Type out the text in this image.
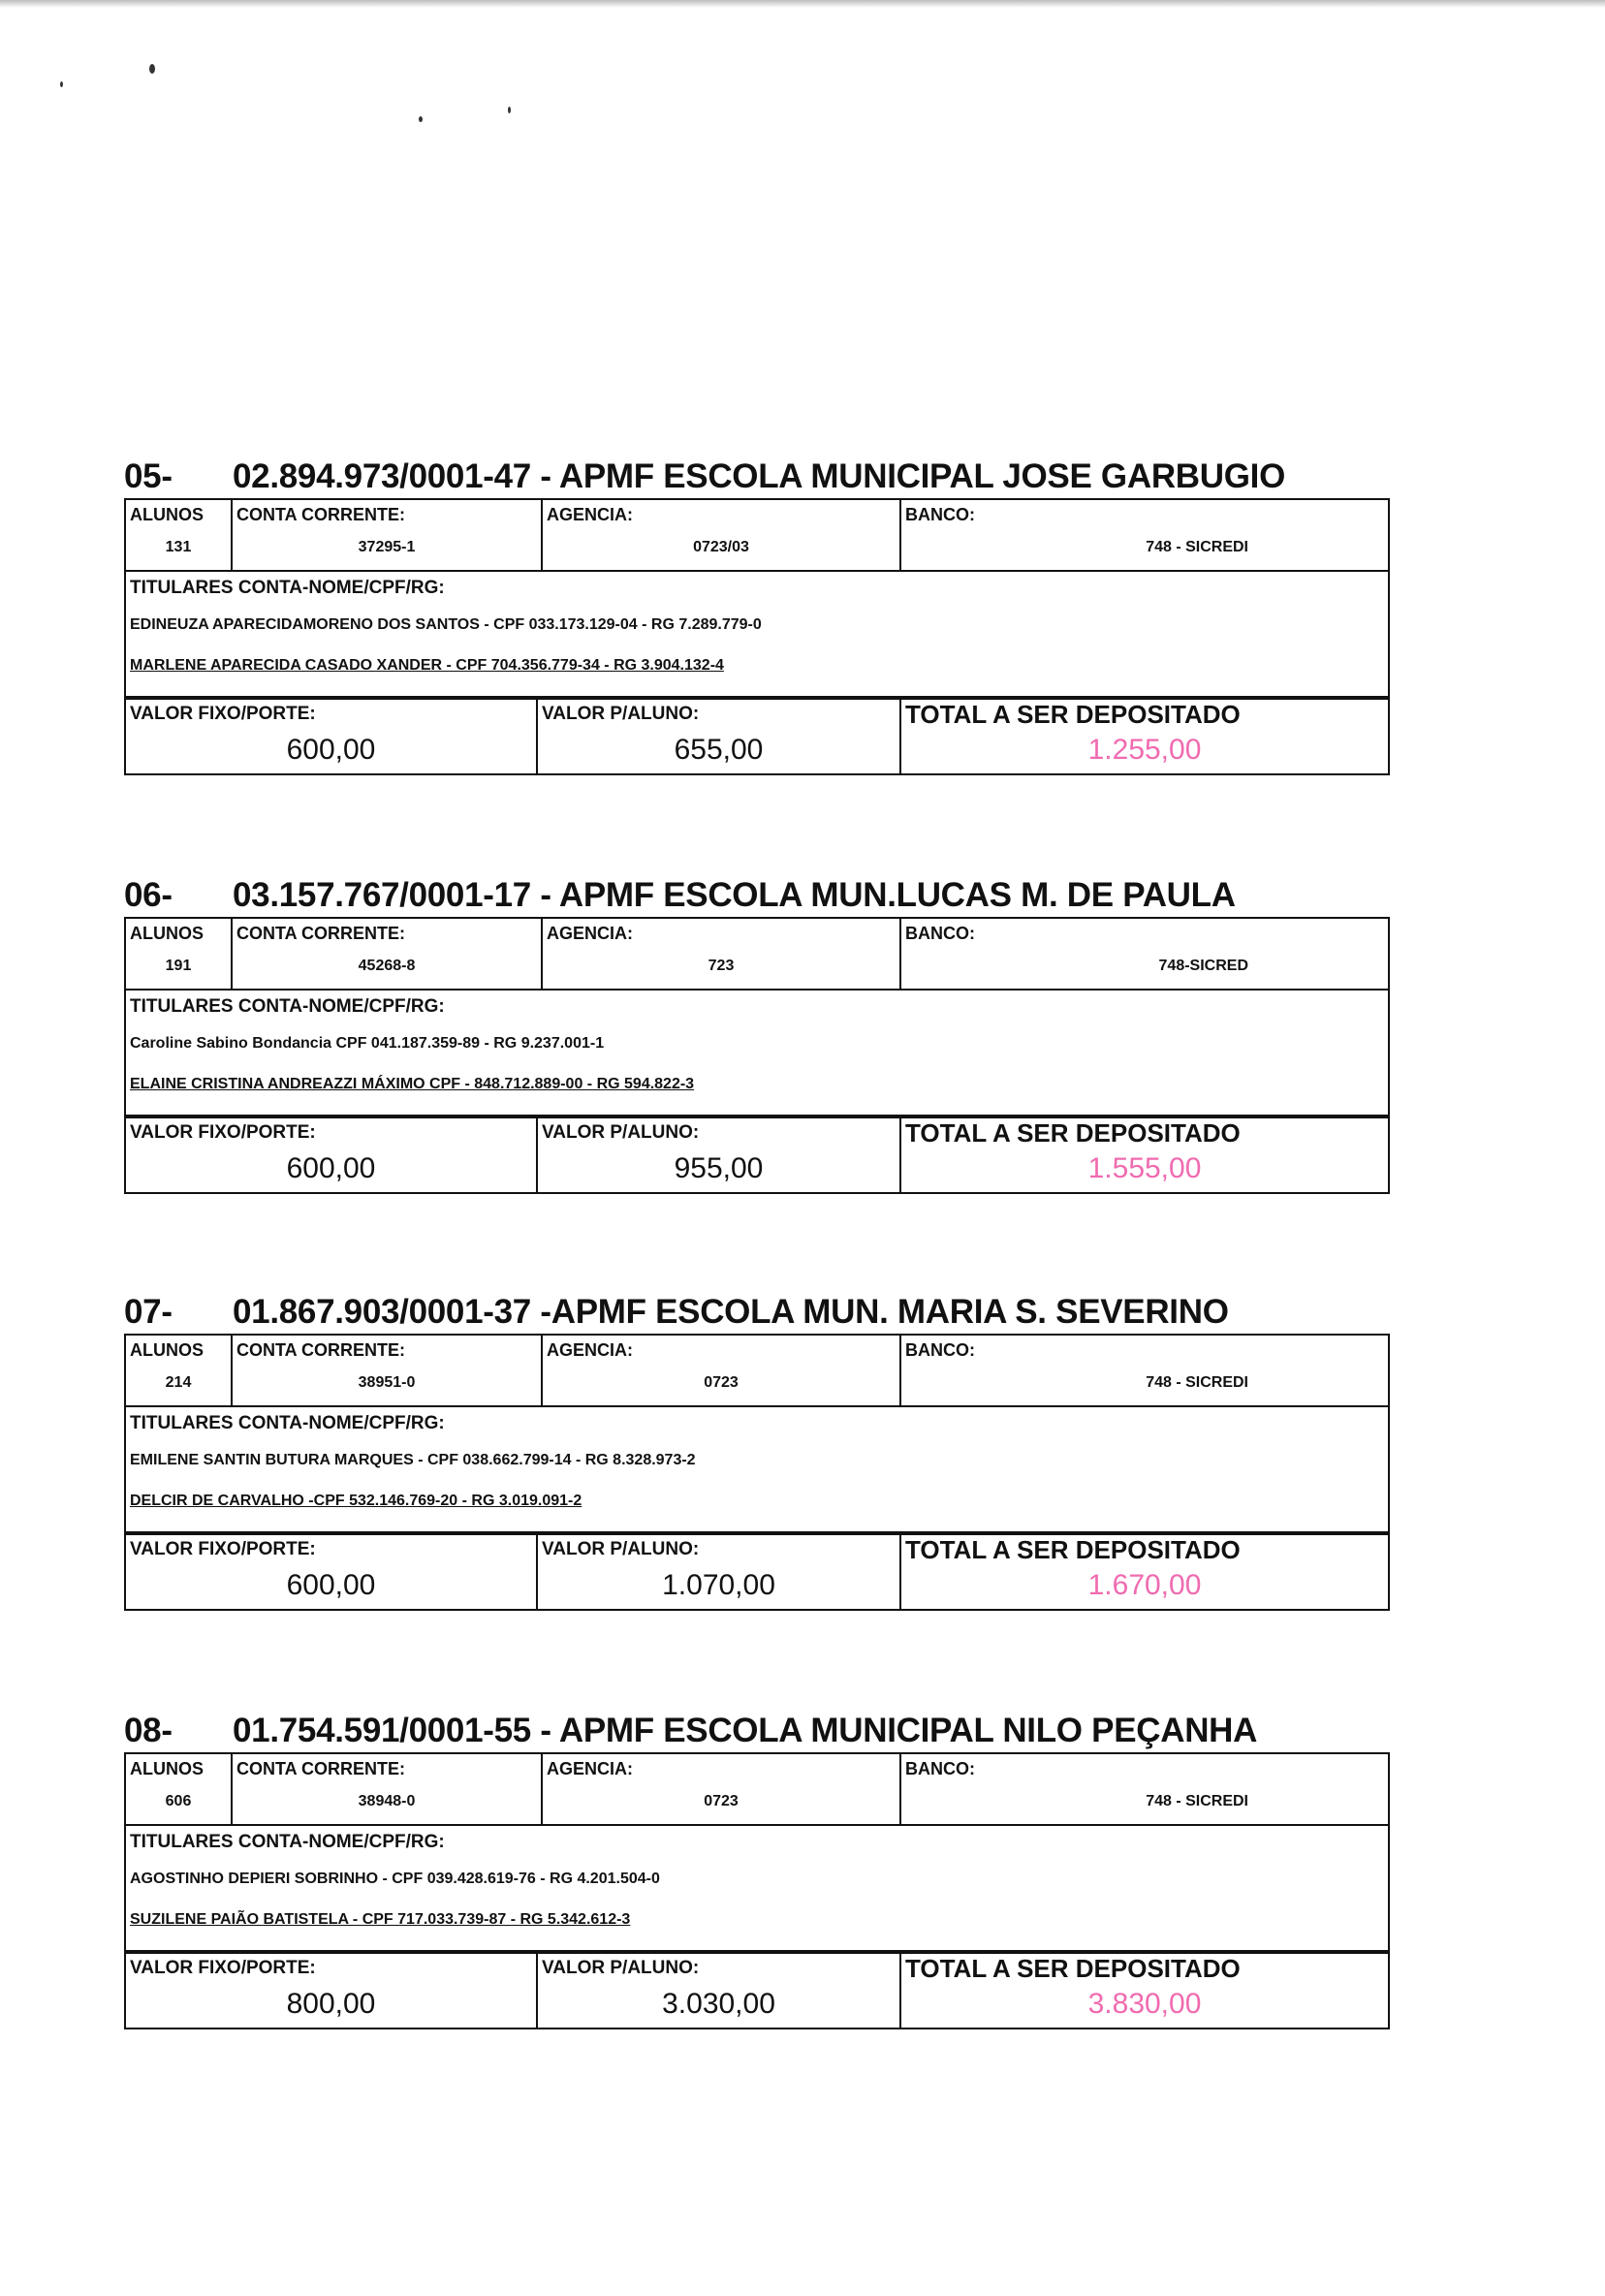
05- 02.894.973/0001-47 - APMF ESCOLA MUNICIPAL JOSE GARBUGIO
ALUNOS
131

CONTA CORRENTE:
37295-1

AGENCIA:
0723/03

BANCO:
748 - SICREDI

TITULARES CONTA-NOME/CPF/RG:
EDINEUZA APARECIDAMORENO DOS SANTOS - CPF 033.173.129-04 - RG 7.289.779-0
MARLENE APARECIDA CASADO XANDER - CPF 704.356.779-34 - RG 3.904.132-4
VALOR FIXO/PORTE:
600,00

VALOR P/ALUNO:
655,00

TOTAL A SER DEPOSITADO
1.255,00
06- 03.157.767/0001-17 - APMF ESCOLA MUN.LUCAS M. DE PAULA
ALUNOS
191

CONTA CORRENTE:
45268-8

AGENCIA:
723

BANCO:
748-SICRED

TITULARES CONTA-NOME/CPF/RG:
Caroline Sabino Bondancia CPF 041.187.359-89 - RG 9.237.001-1
ELAINE CRISTINA ANDREAZZI MÁXIMO CPF - 848.712.889-00 - RG 594.822-3
VALOR FIXO/PORTE:
600,00

VALOR P/ALUNO:
955,00

TOTAL A SER DEPOSITADO
1.555,00
07- 01.867.903/0001-37 -APMF ESCOLA MUN. MARIA S. SEVERINO
ALUNOS
214

CONTA CORRENTE:
38951-0

AGENCIA:
0723

BANCO:
748 - SICREDI

TITULARES CONTA-NOME/CPF/RG:
EMILENE SANTIN BUTURA MARQUES - CPF 038.662.799-14 - RG 8.328.973-2
DELCIR DE CARVALHO -CPF 532.146.769-20 - RG 3.019.091-2
VALOR FIXO/PORTE:
600,00

VALOR P/ALUNO:
1.070,00

TOTAL A SER DEPOSITADO
1.670,00
08- 01.754.591/0001-55 - APMF ESCOLA MUNICIPAL NILO PEÇANHA
ALUNOS
606

CONTA CORRENTE:
38948-0

AGENCIA:
0723

BANCO:
748 - SICREDI

TITULARES CONTA-NOME/CPF/RG:
AGOSTINHO DEPIERI SOBRINHO - CPF 039.428.619-76 - RG 4.201.504-0
SUZILENE PAIÃO BATISTELA - CPF 717.033.739-87 - RG 5.342.612-3
VALOR FIXO/PORTE:
800,00

VALOR P/ALUNO:
3.030,00

TOTAL A SER DEPOSITADO
3.830,00
